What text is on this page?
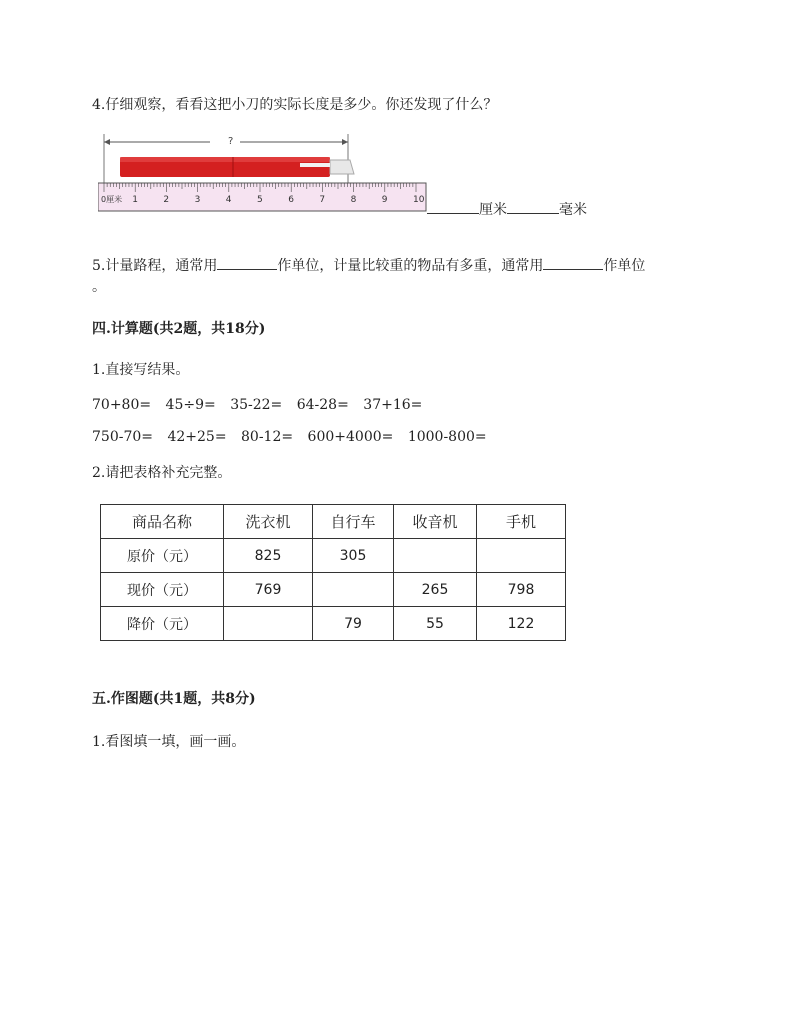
4.仔细观察，看看这把小刀的实际长度是多少。你还发现了什么？
?
0厘米 1	2	3	4	5	6	7	8	9	10
厘米	毫米
5.计量路程，通常用	作单位，计量比较重的物品有多重，通常用	作单位
。
四.计算题(共2题，共18分)
1.直接写结果。
70+80= 45÷9= 35-22= 64-28= 37+16=
750-70= 42+25= 80-12= 600+4000= 1000-800=
2.请把表格补充完整。
商品名称	洗衣机	自行车	收音机	手机
原价（元）	825	305		
现价（元）	769		265	798
降价（元）		79	55	122
五.作图题(共1题，共8分)
1.看图填一填，画一画。
